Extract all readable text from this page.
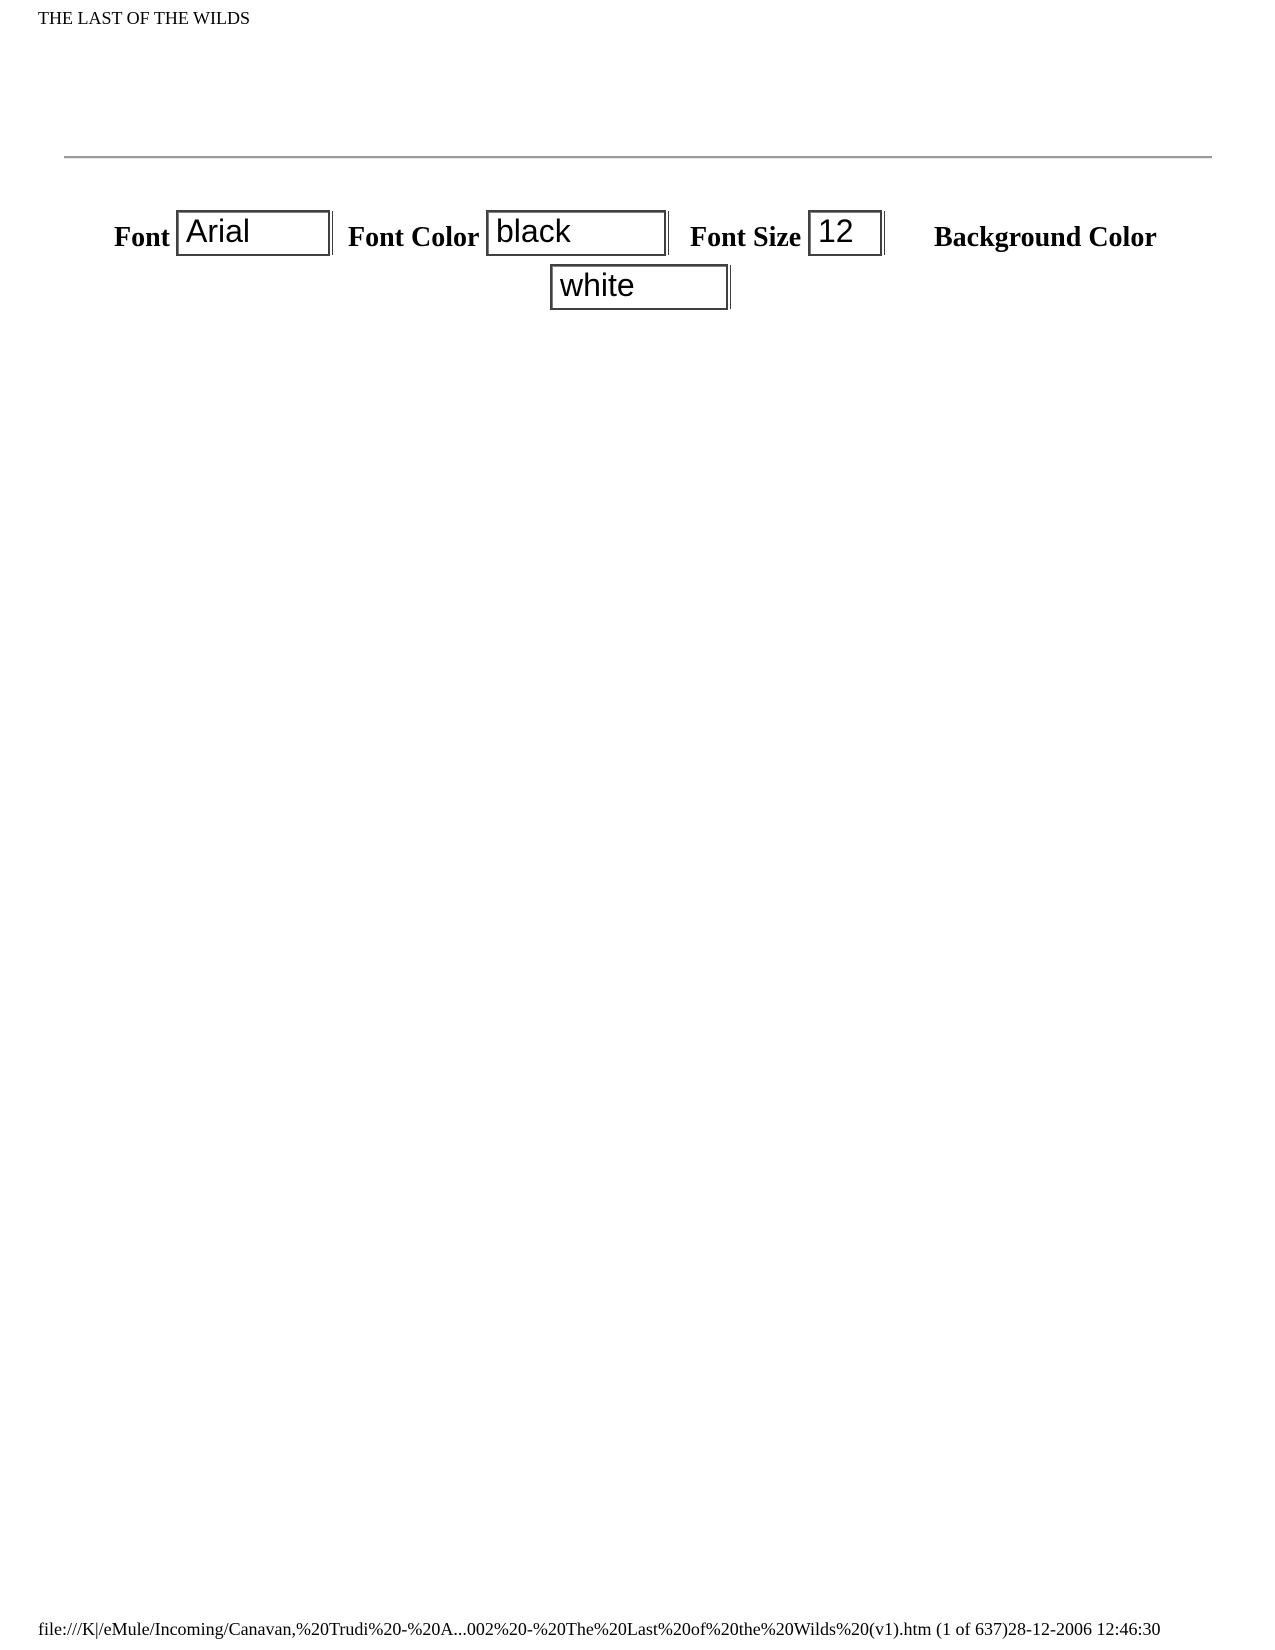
THE LAST OF THE WILDS
Font Arial	Font Color black	Font Size 12	Background Color
white
file:///K|/eMule/Incoming/Canavan,%20Trudi%20-%20A...002%20-%20The%20Last%20of%20the%20Wilds%20(v1).htm (1 of 637)28-12-2006 12:46:30
